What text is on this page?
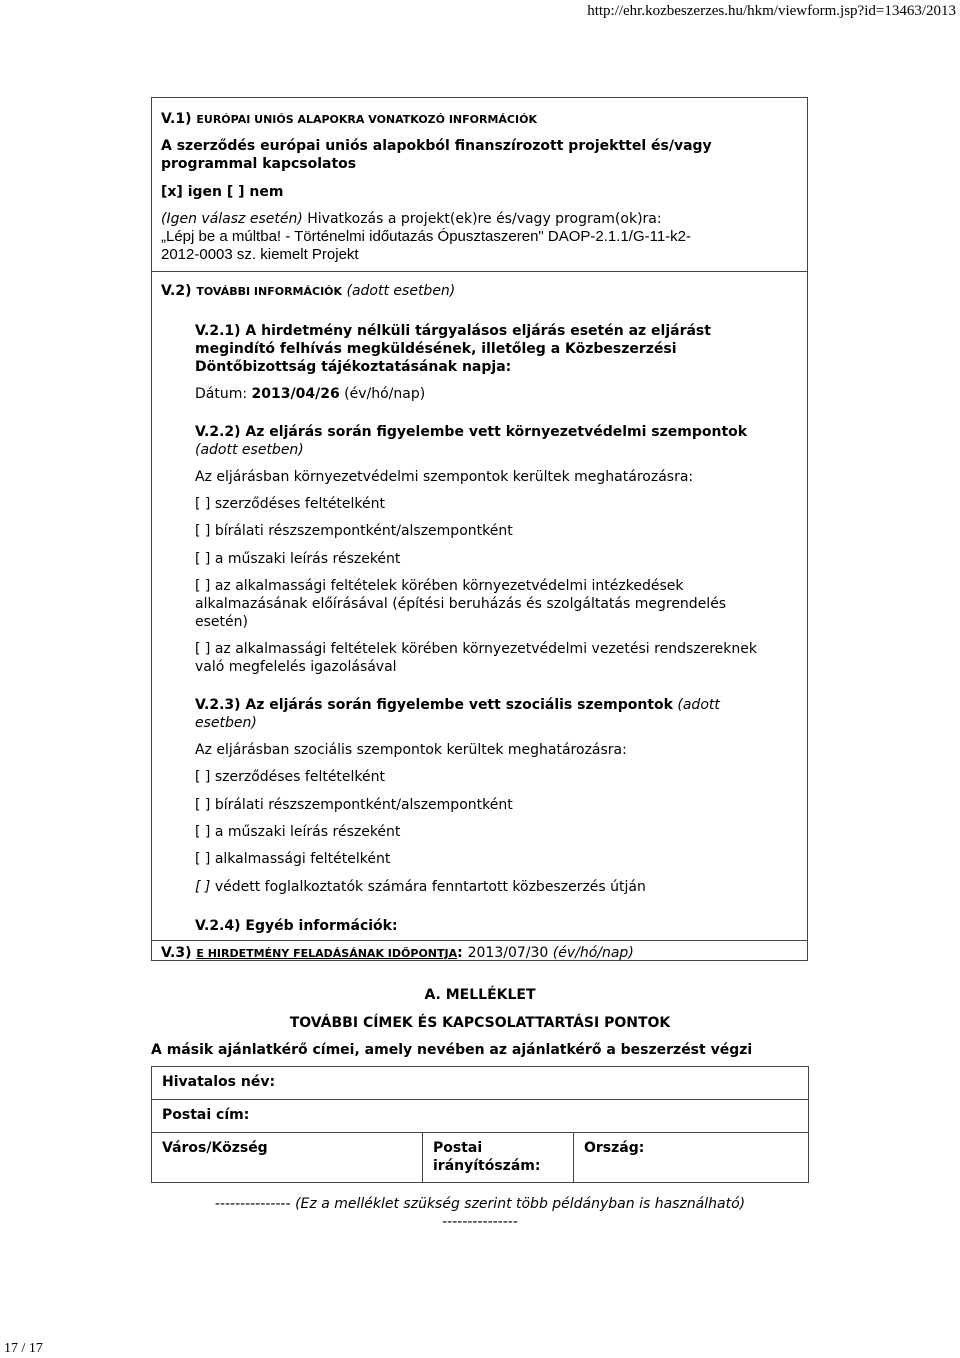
http://ehr.kozbeszerzes.hu/hkm/viewform.jsp?id=13463/2013
V.1) EURÓPAI UNIÓS ALAPOKRA VONATKOZÓ INFORMÁCIÓK
A szerződés európai uniós alapokból finanszírozott projekttel és/vagy programmal kapcsolatos
[x] igen [ ] nem
(Igen válasz esetén) Hivatkozás a projekt(ek)re és/vagy program(ok)ra:
„Lépj be a múltba! - Történelmi időutazás Ópusztaszeren" DAOP-2.1.1/G-11-k2-2012-0003 sz. kiemelt Projekt
V.2) TOVÁBBI INFORMÁCIÓK (adott esetben)
V.2.1) A hirdetmény nélküli tárgyalásos eljárás esetén az eljárást megindító felhívás megküldésének, illetőleg a Közbeszerzési Döntőbizottság tájékoztatásának napja:
Dátum: 2013/04/26 (év/hó/nap)
V.2.2) Az eljárás során figyelembe vett környezetvédelmi szempontok (adott esetben)
Az eljárásban környezetvédelmi szempontok kerültek meghatározásra:
[ ] szerződéses feltételként
[ ] bírálati részszempontként/alszempontként
[ ] a műszaki leírás részeként
[ ] az alkalmassági feltételek körében környezetvédelmi intézkedések alkalmazásának előírásával (építési beruházás és szolgáltatás megrendelés esetén)
[ ] az alkalmassági feltételek körében környezetvédelmi vezetési rendszereknek való megfelelés igazolásával
V.2.3) Az eljárás során figyelembe vett szociális szempontok (adott esetben)
Az eljárásban szociális szempontok kerültek meghatározásra:
[ ] szerződéses feltételként
[ ] bírálati részszempontként/alszempontként
[ ] a műszaki leírás részeként
[ ] alkalmassági feltételként
[ ] védett foglalkoztatók számára fenntartott közbeszerzés útján
V.2.4) Egyéb információk:
V.3) E HIRDETMÉNY FELADÁSÁNAK IDŐPONTJA: 2013/07/30 (év/hó/nap)
A. MELLÉKLET
TOVÁBBI CÍMEK ÉS KAPCSOLATTARTÁSI PONTOK
A másik ajánlatkérő címei, amely nevében az ajánlatkérő a beszerzést végzi
Hivatalos név:
Postai cím:
Város/Község	Postai irányítószám:	Ország:
--------------- (Ez a melléklet szükség szerint több példányban is használható)
---------------
17 / 17
